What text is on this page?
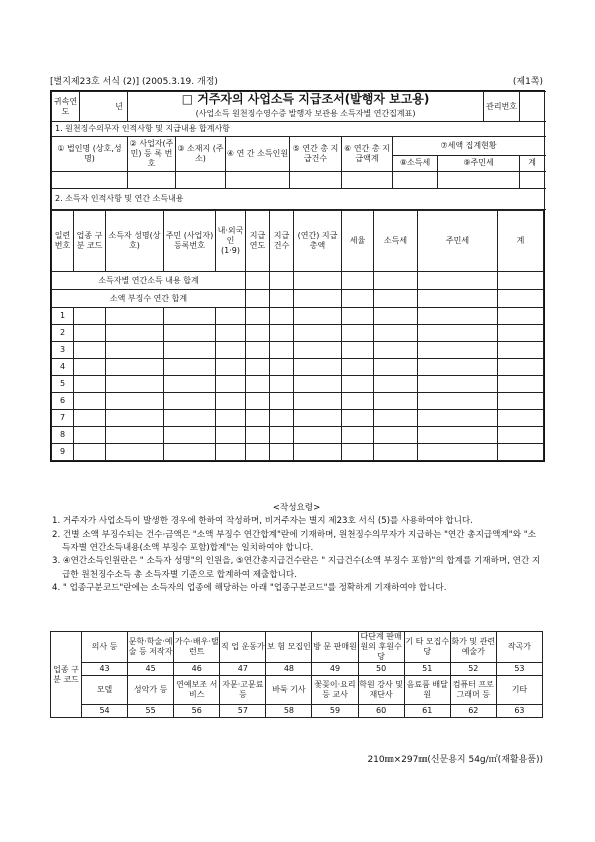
[별지제23호 서식 (2)] (2005.3.19. 개정)	(제1쪽)
귀속연도	년	□ 거주자의 사업소득 지급조서(발행자 보고용)							관리번호	
		(사업소득 원천징수영수증 발행자 보관용 소득자별 연간집계표)								
1. 원천징수의무자 인적사항 및 지급내용 합계사항										
① 법인명 (상호,성명)		② 사업자(주 민) 등 록 번 호	③ 소재지 (주 소)	④ 연 간 소득인원	⑤ 연간 총 지급건수	⑥ 연간 총 지급액계	⑦세액 집계현황			
							⑧소득세	⑨주민세		계

2. 소득자 인적사항 및 연간 소득내용										
일련번호	업종 구분 코드	소득자 성명(상호)	주민 (사업자) 등록번호	내·외국인 (1·9)	지급 연도	지급 건수	(연간) 지급총액	세율	소득세	주민세	계
소득자별 연간소득 내용 합계											
소액 부징수 연간 합계											
1											
2											
3											
4											
5											
6											
7											
8											
9											
<작성요령>

1. 거주자가 사업소득이 발생한 경우에 한하여 작성하며, 비거주자는 별지 제23호 서식 (5)를 사용하여야 합니다.

2. 건별 소액 부징수되는 건수·금액은 "소액 부징수 연간합계"란에 기재하며, 원천징수의무자가 지급하는 "연간 총지급액계"와 "소득자별 연간소득내용(소액 부징수 포함)합계"는 일치하여야 합니다.

3. ④연간소득인원란은 " 소득자 성명"의 인원을, ⑤연간총지급건수란은 " 지급건수(소액 부징수 포함)"의 합계를 기재하며, 연간 지급한 원천징수소득 총 소득자별 기준으로 합계하여 제출합니다.

4. " 업종구분코드"란에는 소득자의 업종에 해당하는 아래 "업종구분코드"를 정확하게 기재하여야 합니다.

업종 구분 코드	의사 등	문학·학술·예술 등 저작자	가수·배우·탤런트	직 업 운동가	보 험 모집인	방 문 판매원	다단계 판매원의 후원수당	기 타 모집수당	화가 및 관련 예술가	작곡가
	43	45	46	47	48	49	50	51	52	53
	모델	성악가 등	연예보조 서비스	자문·고문료 등	바둑 기사	꽃꽂이·요리 등 교사	학원 강사 및 재단사	음료품 배달원	컴퓨터 프로그래머 등	기타
	54	55	56	57	58	59	60	61	62	63
210㎜×297㎜(신문용지 54g/㎡(재활용품))
